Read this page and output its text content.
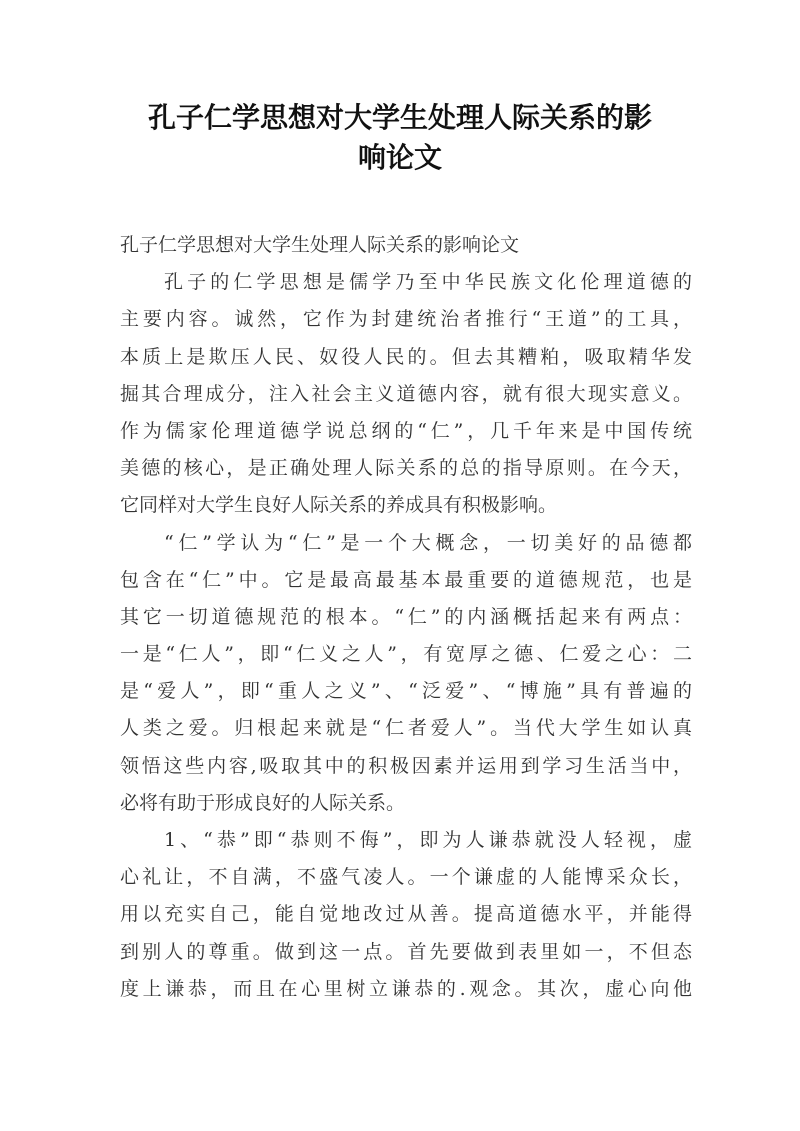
孔子仁学思想对大学生处理人际关系的影
响论文
孔子仁学思想对大学生处理人际关系的影响论文
孔子的仁学思想是儒学乃至中华民族文化伦理道德的
主要内容。诚然，它作为封建统治者推行“王道”的工具，
本质上是欺压人民、奴役人民的。但去其糟粕，吸取精华发
掘其合理成分，注入社会主义道德内容，就有很大现实意义。
作为儒家伦理道德学说总纲的“仁”，几千年来是中国传统
美德的核心，是正确处理人际关系的总的指导原则。在今天，
它同样对大学生良好人际关系的养成具有积极影响。
“仁”学认为“仁”是一个大概念，一切美好的品德都
包含在“仁”中。它是最高最基本最重要的道德规范，也是
其它一切道德规范的根本。“仁”的内涵概括起来有两点：
一是“仁人”，即“仁义之人”，有宽厚之德、仁爱之心：二
是“爱人”，即“重人之义”、“泛爱”、“博施”具有普遍的
人类之爱。归根起来就是“仁者爱人”。当代大学生如认真
领悟这些内容,吸取其中的积极因素并运用到学习生活当中，
必将有助于形成良好的人际关系。
1、“恭”即“恭则不侮”，即为人谦恭就没人轻视，虚
心礼让，不自满，不盛气凌人。一个谦虚的人能博采众长，
用以充实自己，能自觉地改过从善。提高道德水平，并能得
到别人的尊重。做到这一点。首先要做到表里如一，不但态
度上谦恭，而且在心里树立谦恭的.观念。其次，虚心向他
